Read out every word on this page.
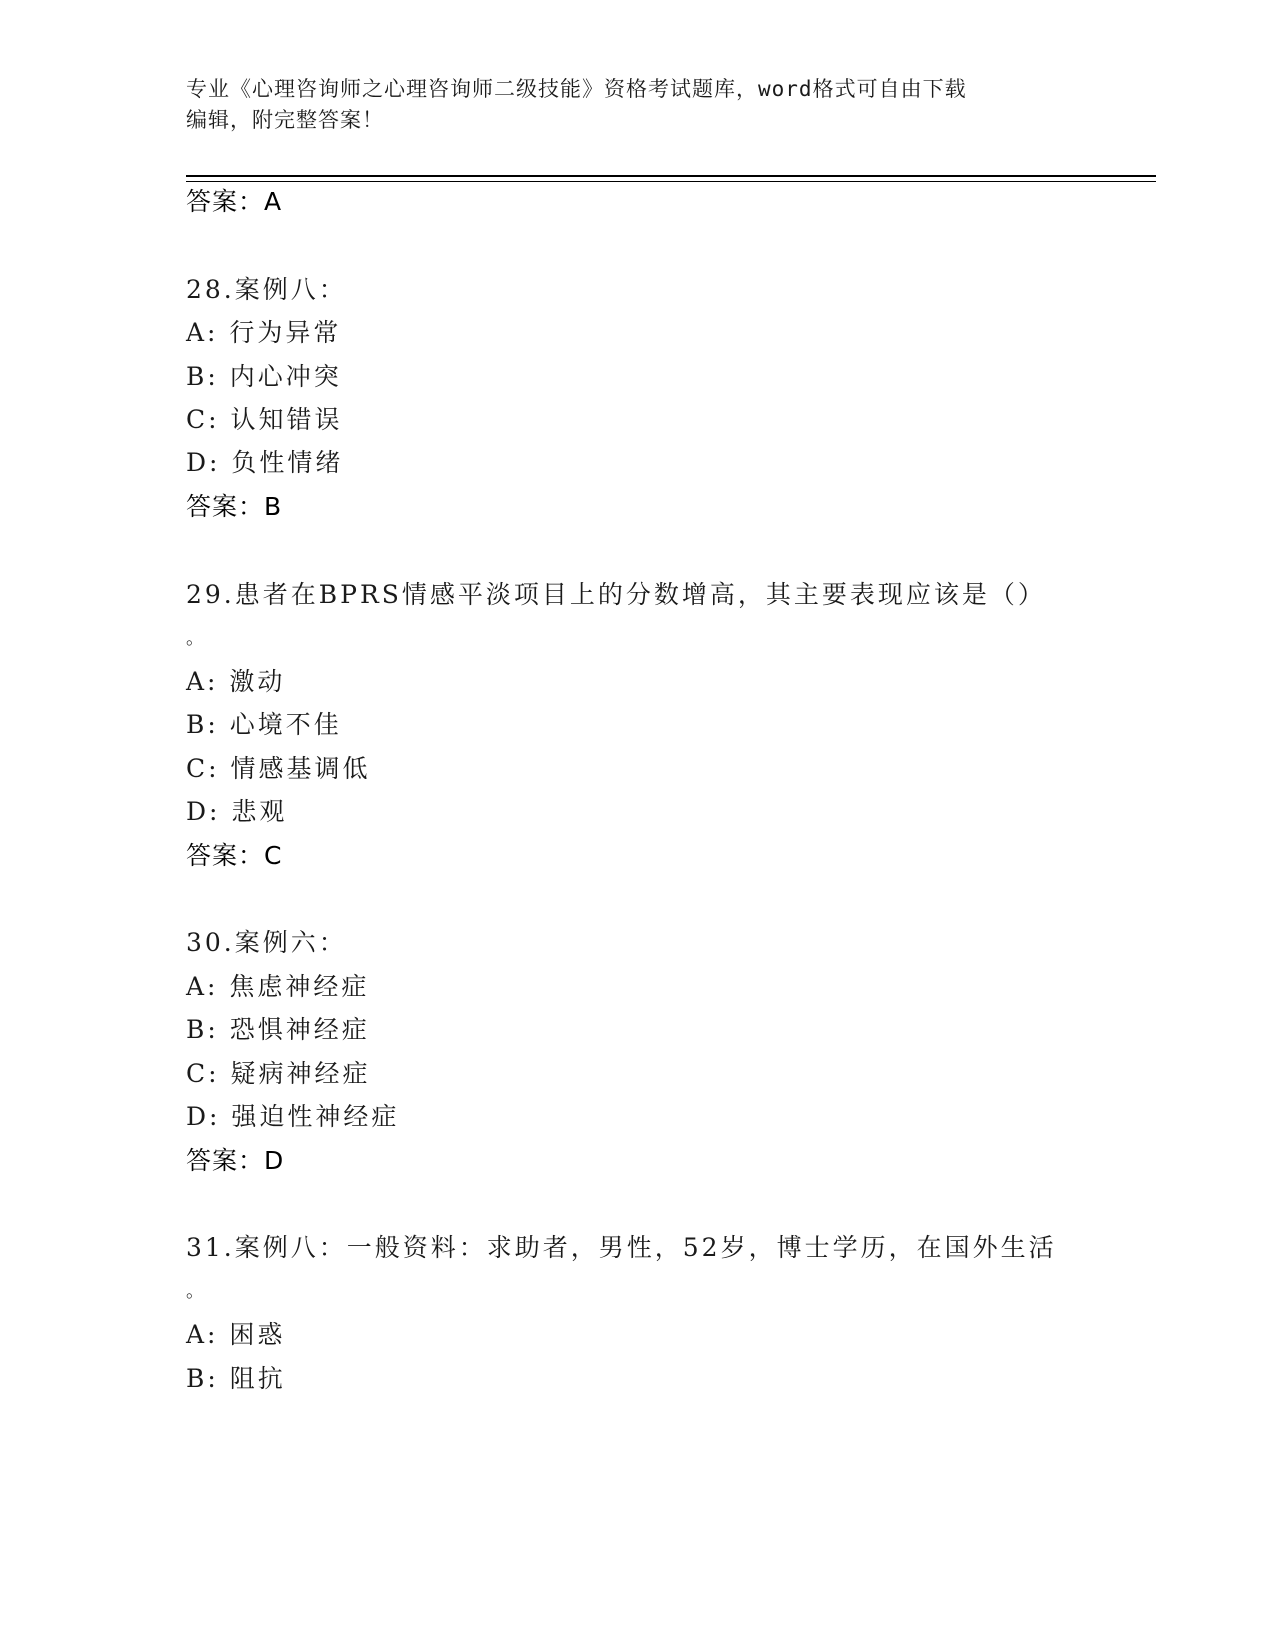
专业《心理咨询师之心理咨询师二级技能》资格考试题库，word格式可自由下载
编辑，附完整答案！
答案：A
28.案例八：
A: 行为异常
B: 内心冲突
C: 认知错误
D: 负性情绪
答案：B
29.患者在BPRS情感平淡项目上的分数增高，其主要表现应该是（）
。
A: 激动
B: 心境不佳
C: 情感基调低
D: 悲观
答案：C
30.案例六：
A: 焦虑神经症
B: 恐惧神经症
C: 疑病神经症
D: 强迫性神经症
答案：D
31.案例八：一般资料：求助者，男性，52岁，博士学历，在国外生活
。
A: 困惑
B: 阻抗
